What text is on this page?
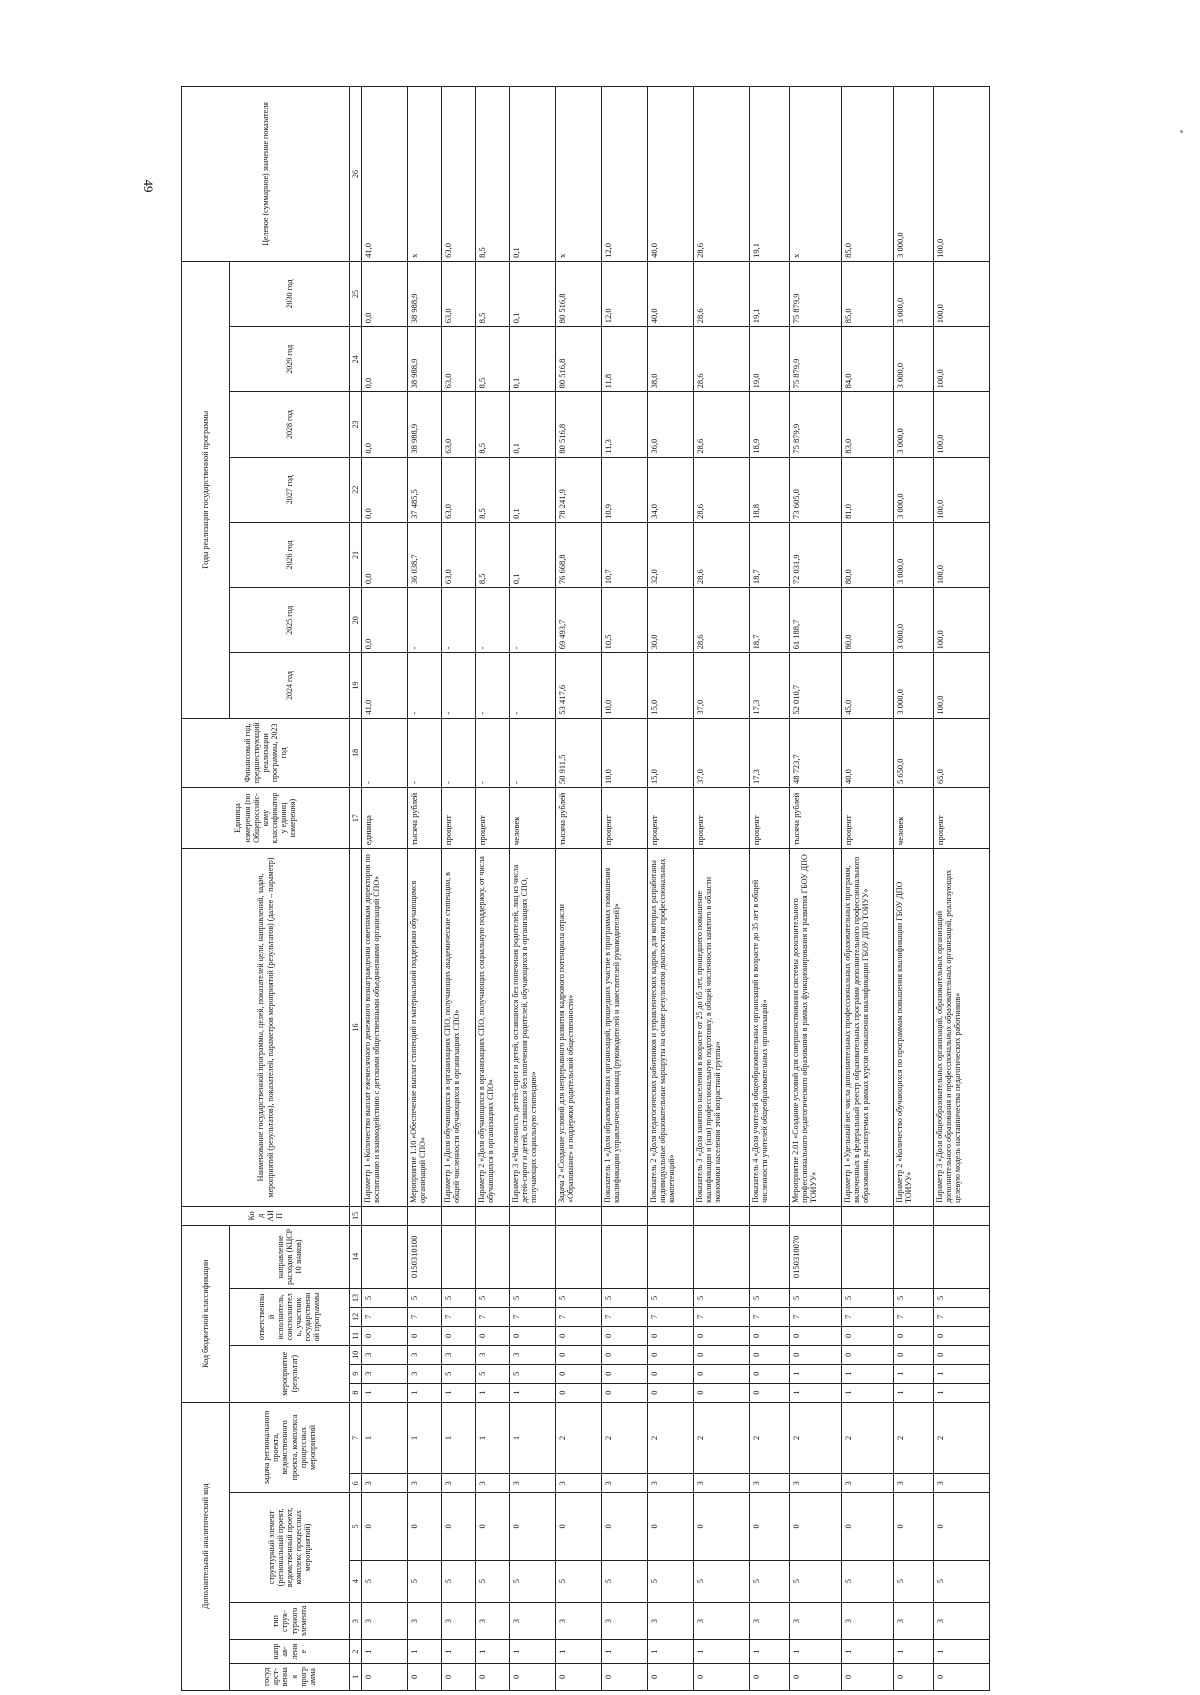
49
Дополнительный аналитический код							Код бюджетной классификации							Код АИП	Наименование государственной программы, целей, показателей цели, направлений, задач, мероприятий (результатов), показателей, параметров мероприятий (результатов) (далее – параметр)	Единица измерения (по Общероссийс-кому классификатору единиц измерения)	Финансовый год, предшествующий реализации программы, 2023 год	Годы реализации государственной программы							Целевое (суммарное) значение показателя
государст-венная программа	направ-ление	тип струк-турного элемента	структурный элемент (региональный проект, ведомственный проект, комплекс процессных мероприятий)		задача регионального проекта, ведомственного проекта, комплекса процессных мероприятий		мероприятие (результат)			ответственный исполнитель, соисполнитель, участник государственной программы			направление расходов (КЦСР 10 знаков)					2024 год	2025 год	2026 год	2027 год	2028 год	2029 год	2030 год	
1	2	3	4	5	6	7	8	9	10	11	12	13	14	15	16	17	18	19	20	21	22	23	24	25	26
0	1	3	5	0	3	1	1	3	3	0	7	5			Параметр 1 «Количество выплат ежемесячного денежного вознаграждения советникам директоров по воспитанию и взаимодействию с детскими общественными объединениями организаций СПО»	единица	-	41,0	0,0	0,0	0,0	0,0	0,0	0,0	41,0
0	1	3	5	0	3	1	1	3	3	0	7	5	0150310100		Мероприятие 1.10 «Обеспечение выплат стипендий и материальной поддержки обучающимся организаций СПО»	тысяча рублей	-	-	-	36 038,7	37 485,5	38 988,9	38 988,9	38 988,9	x
0	1	3	5	0	3	1	1	5	3	0	7	5			Параметр 1 «Доля обучающихся в организациях СПО, получающих академические стипендии, в общей численности обучающихся в организациях СПО»	процент	-	-	-	63,0	63,0	63,0	63,0	63,0	63,0
0	1	3	5	0	3	1	1	5	3	0	7	5			Параметр 2 «Доля обучающихся в организациях СПО, получающих социальную поддержку, от числа обучающихся в организациях СПО»	процент	-	-	-	8,5	8,5	8,5	8,5	8,5	8,5
0	1	3	5	0	3	1	1	5	3	0	7	5			Параметр 3 «Численность детей-сирот и детей, оставшихся без попечения родителей, лиц из числа детей-сирот и детей, оставшихся без попечения родителей, обучающихся в организациях СПО, получающих социальную стипендию»	человек	-	-	-	0,1	0,1	0,1	0,1	0,1	0,1
0	1	3	5	0	3	2	0	0	0	0	7	5			Задача 2 «Создание условий для непрерывного развития кадрового потенциала отрасли «Образование» и поддержки родительской общественности»	тысяча рублей	50 911,5	53 417,6	69 493,7	76 668,8	78 241,9	80 516,8	80 516,8	80 516,8	x
0	1	3	5	0	3	2	0	0	0	0	7	5			Показатель 1 «Доля образовательных организаций, прошедших участие в программах повышения квалификации управленческих команд (руководителей и заместителей руководителей)»	процент	10,0	10,0	10,5	10,7	10,9	11,3	11,8	12,0	12,0
0	1	3	5	0	3	2	0	0	0	0	7	5			Показатель 2 «Доля педагогических работников и управленческих кадров, для которых разработаны индивидуальные образовательные маршруты на основе результатов диагностики профессиональных компетенций»	процент	15,0	15,0	30,0	32,0	34,0	36,0	38,0	40,0	40,0
0	1	3	5	0	3	2	0	0	0	0	7	5			Показатель 3 «Доля занятого населения в возрасте от 25 до 65 лет, прошедшего повышение квалификации и (или) профессиональную подготовку, в общей численности занятого в области экономики населения этой возрастной группы»	процент	37,0	37,0	28,6	28,6	28,6	28,6	28,6	28,6	28,6
0	1	3	5	0	3	2	0	0	0	0	7	5			Показатель 4 «Доля учителей общеобразовательных организаций в возрасте до 35 лет в общей численности учителей общеобразовательных организаций»	процент	17,3	17,3	18,7	18,7	18,8	18,9	19,0	19,1	19,1
0	1	3	5	0	3	2	1	1	0	0	7	5	0150310070		Мероприятие 2.01 «Создание условий для совершенствования системы дополнительного профессионального педагогического образования в рамках функционирования и развития ГБОУ ДПО ТОИУУ»	тысяча рублей	48 723,7	52 010,7	61 188,7	72 031,9	73 605,0	75 879,9	75 879,9	75 879,9	x
0	1	3	5	0	3	2	1	1	0	0	7	5			Параметр 1 «Удельный вес числа дополнительных профессиональных образовательных программ, включенных в федеральный реестр образовательных программ дополнительного профессионального образования, реализуемых в рамках курсов повышения квалификации ГБОУ ДПО ТОИУУ»	процент	40,0	45,0	80,0	80,0	81,0	83,0	84,0	85,0	85,0
0	1	3	5	0	3	2	1	1	0	0	7	5			Параметр 2 «Количество обучающихся по программам повышения квалификации ГБОУ ДПО ТОИУУ»	человек	5 650,0	3 000,0	3 000,0	3 000,0	3 000,0	3 000,0	3 000,0	3 000,0	3 000,0
0	1	3	5	0	3	2	1	1	0	0	7	5			Параметр 3 «Доля общеобразовательных организаций, образовательных организаций дополнительного образования и профессиональных образовательных организаций, реализующих целевую модель наставничества педагогических работников»	процент	65,0	100,0	100,0	100,0	100,0	100,0	100,0	100,0	100,0
